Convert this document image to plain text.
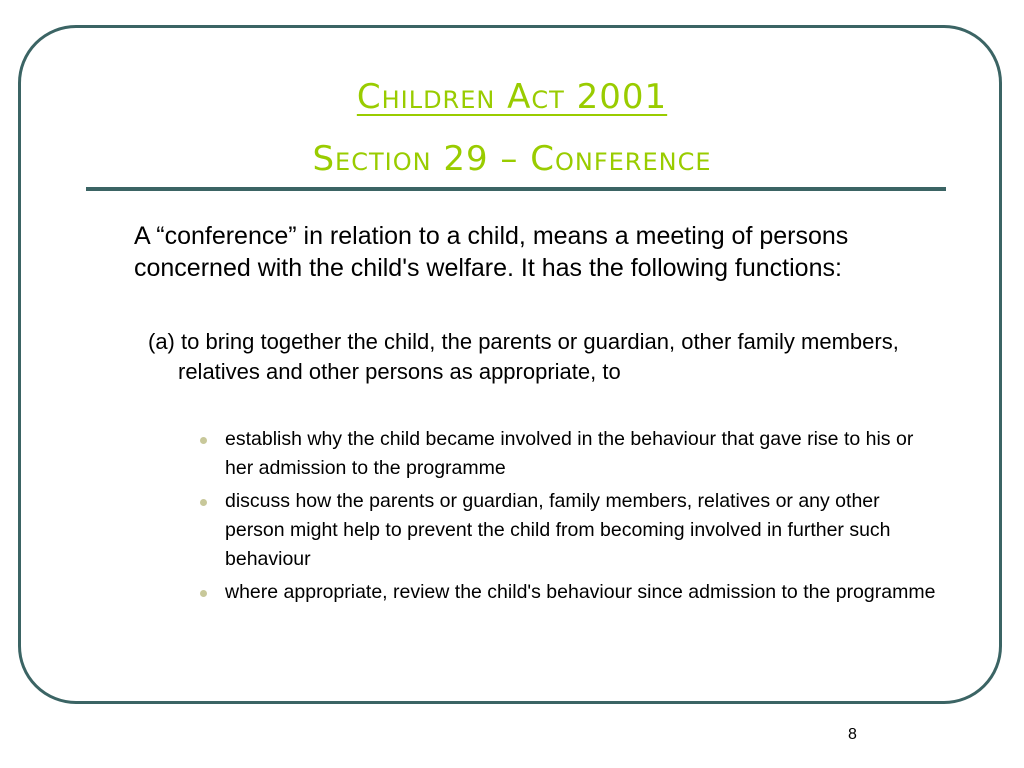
Children Act 2001
Section 29 – Conference
A “conference” in relation to a child, means a meeting of persons concerned with the child's welfare. It has the following functions:
(a) to bring together the child, the parents or guardian, other family members, relatives and other persons as appropriate, to
establish why the child became involved in the behaviour that gave rise to his or her admission to the programme
discuss how the parents or guardian, family members, relatives or any other person might help to prevent the child from becoming involved in further such behaviour
where appropriate, review the child's behaviour since admission to the programme
8
